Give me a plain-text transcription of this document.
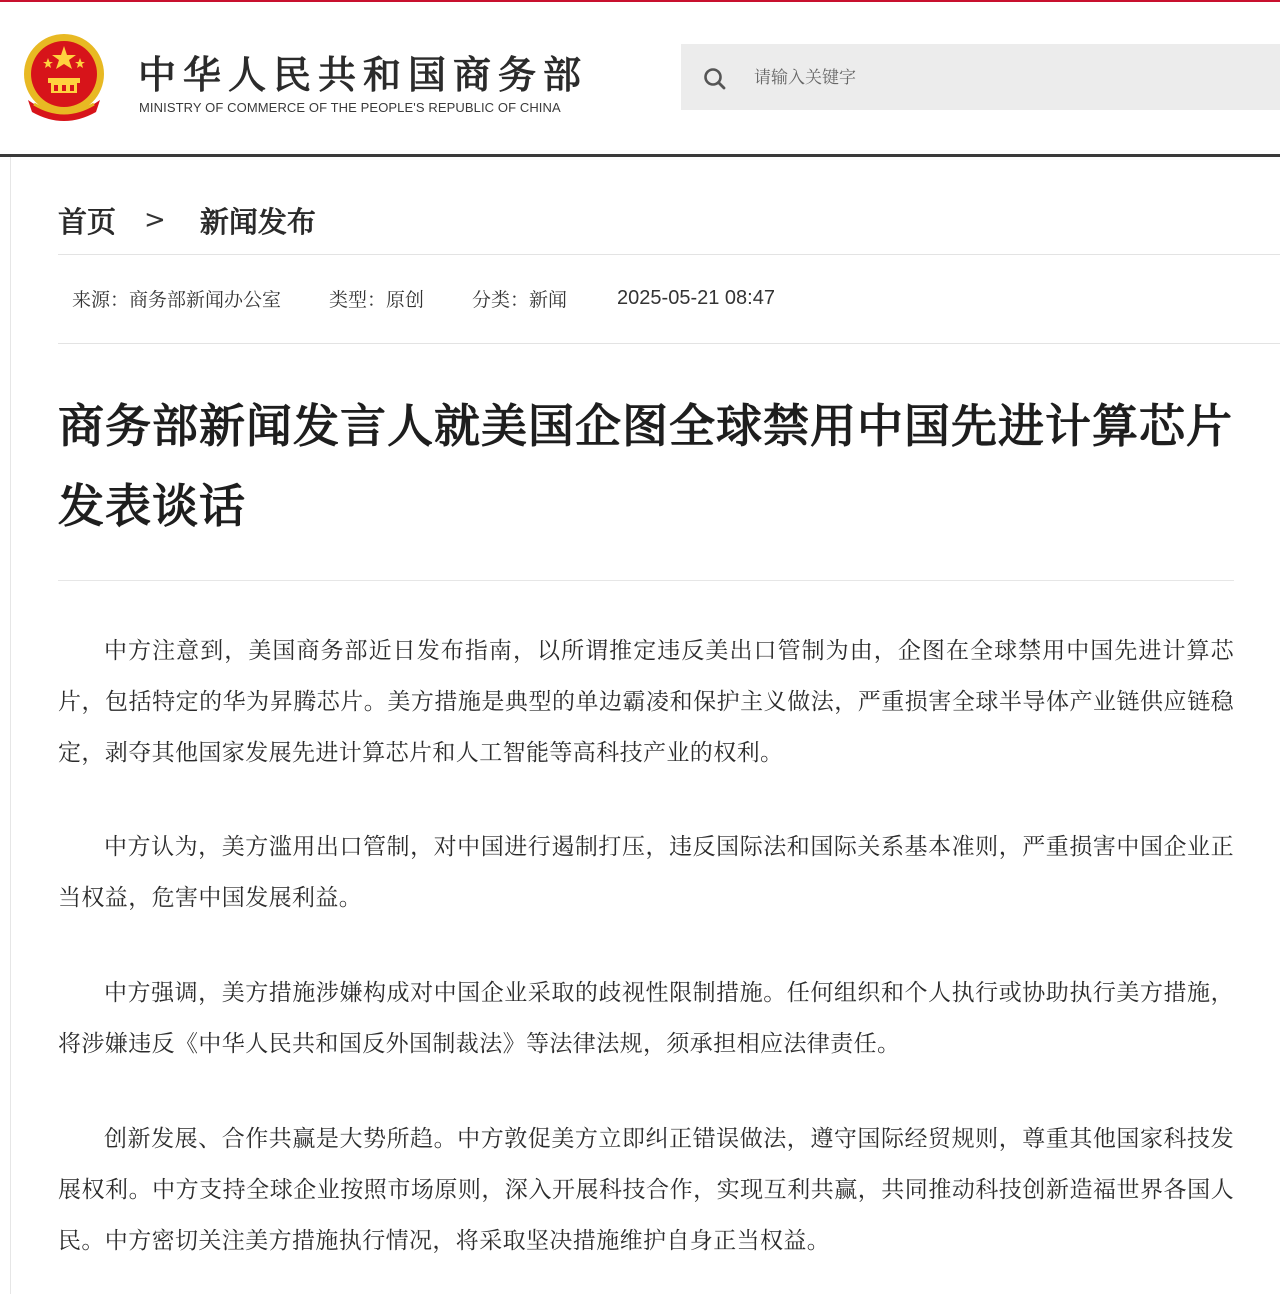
中华人民共和国商务部
MINISTRY OF COMMERCE OF THE PEOPLE'S REPUBLIC OF CHINA
请输入关键字
首页 > 新闻发布
来源：商务部新闻办公室	类型：原创	分类：新闻	2025-05-21 08:47
商务部新闻发言人就美国企图全球禁用中国先进计算芯片发表谈话

中方注意到，美国商务部近日发布指南，以所谓推定违反美出口管制为由，企图在全球禁用中国先进计算芯片，包括特定的华为昇腾芯片。美方措施是典型的单边霸凌和保护主义做法，严重损害全球半导体产业链供应链稳定，剥夺其他国家发展先进计算芯片和人工智能等高科技产业的权利。

中方认为，美方滥用出口管制，对中国进行遏制打压，违反国际法和国际关系基本准则，严重损害中国企业正当权益，危害中国发展利益。

中方强调，美方措施涉嫌构成对中国企业采取的歧视性限制措施。任何组织和个人执行或协助执行美方措施，将涉嫌违反《中华人民共和国反外国制裁法》等法律法规，须承担相应法律责任。

创新发展、合作共赢是大势所趋。中方敦促美方立即纠正错误做法，遵守国际经贸规则，尊重其他国家科技发展权利。中方支持全球企业按照市场原则，深入开展科技合作，实现互利共赢，共同推动科技创新造福世界各国人民。中方密切关注美方措施执行情况，将采取坚决措施维护自身正当权益。
